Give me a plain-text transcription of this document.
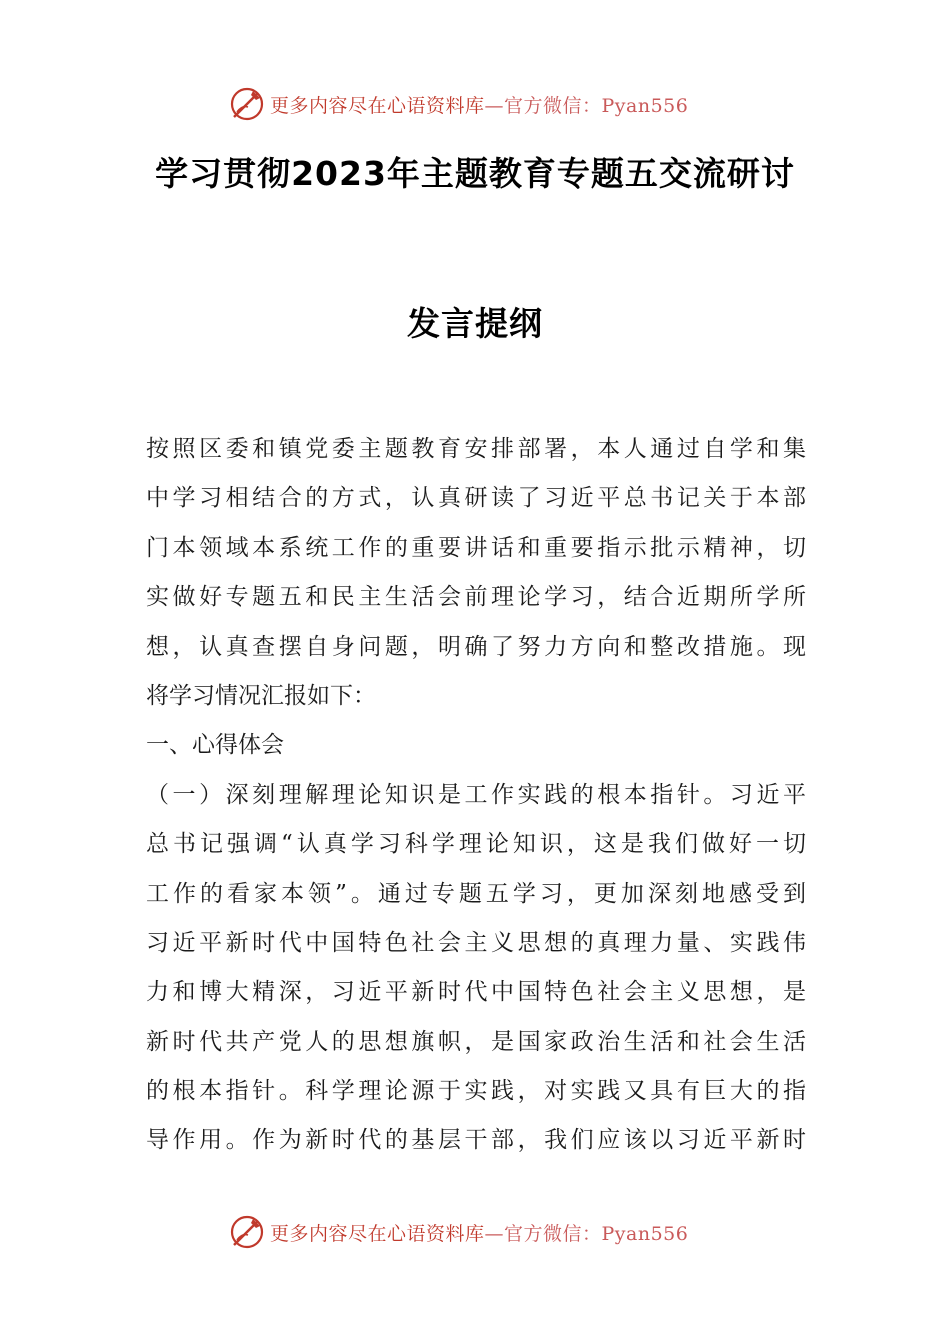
更多内容尽在心语资料库—官方微信：Pyan556
学习贯彻2023年主题教育专题五交流研讨
发言提纲
按照区委和镇党委主题教育安排部署，本人通过自学和集
中学习相结合的方式，认真研读了习近平总书记关于本部
门本领域本系统工作的重要讲话和重要指示批示精神，切
实做好专题五和民主生活会前理论学习，结合近期所学所
想，认真查摆自身问题，明确了努力方向和整改措施。现
将学习情况汇报如下：
一、心得体会
（一）深刻理解理论知识是工作实践的根本指针。习近平
总书记强调“认真学习科学理论知识，这是我们做好一切
工作的看家本领”。通过专题五学习，更加深刻地感受到
习近平新时代中国特色社会主义思想的真理力量、实践伟
力和博大精深，习近平新时代中国特色社会主义思想，是
新时代共产党人的思想旗帜，是国家政治生活和社会生活
的根本指针。科学理论源于实践，对实践又具有巨大的指
导作用。作为新时代的基层干部，我们应该以习近平新时
更多内容尽在心语资料库—官方微信：Pyan556
